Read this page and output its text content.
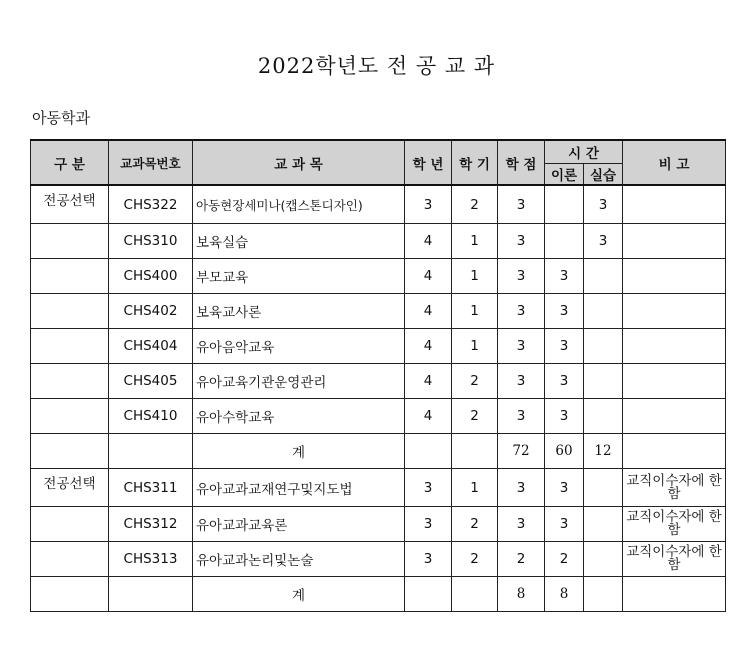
2022학년도 전 공 교 과
아동학과
구 분	교과목번호	교 과 목	학 년	학 기	학 점	시 간		비 고
						이론	실습	
전공선택	CHS322	아동현장세미나(캡스톤디자인)	3	2	3		3	
	CHS310	보육실습	4	1	3		3	
	CHS400	부모교육	4	1	3	3		
	CHS402	보육교사론	4	1	3	3		
	CHS404	유아음악교육	4	1	3	3		
	CHS405	유아교육기관운영관리	4	2	3	3		
	CHS410	유아수학교육	4	2	3	3		
		계			72	60	12	
전공선택	CHS311	유아교과교재연구및지도법	3	1	3	3		교직이수자에 한함
	CHS312	유아교과교육론	3	2	3	3		교직이수자에 한함
	CHS313	유아교과논리및논술	3	2	2	2		교직이수자에 한함
		계			8	8		
